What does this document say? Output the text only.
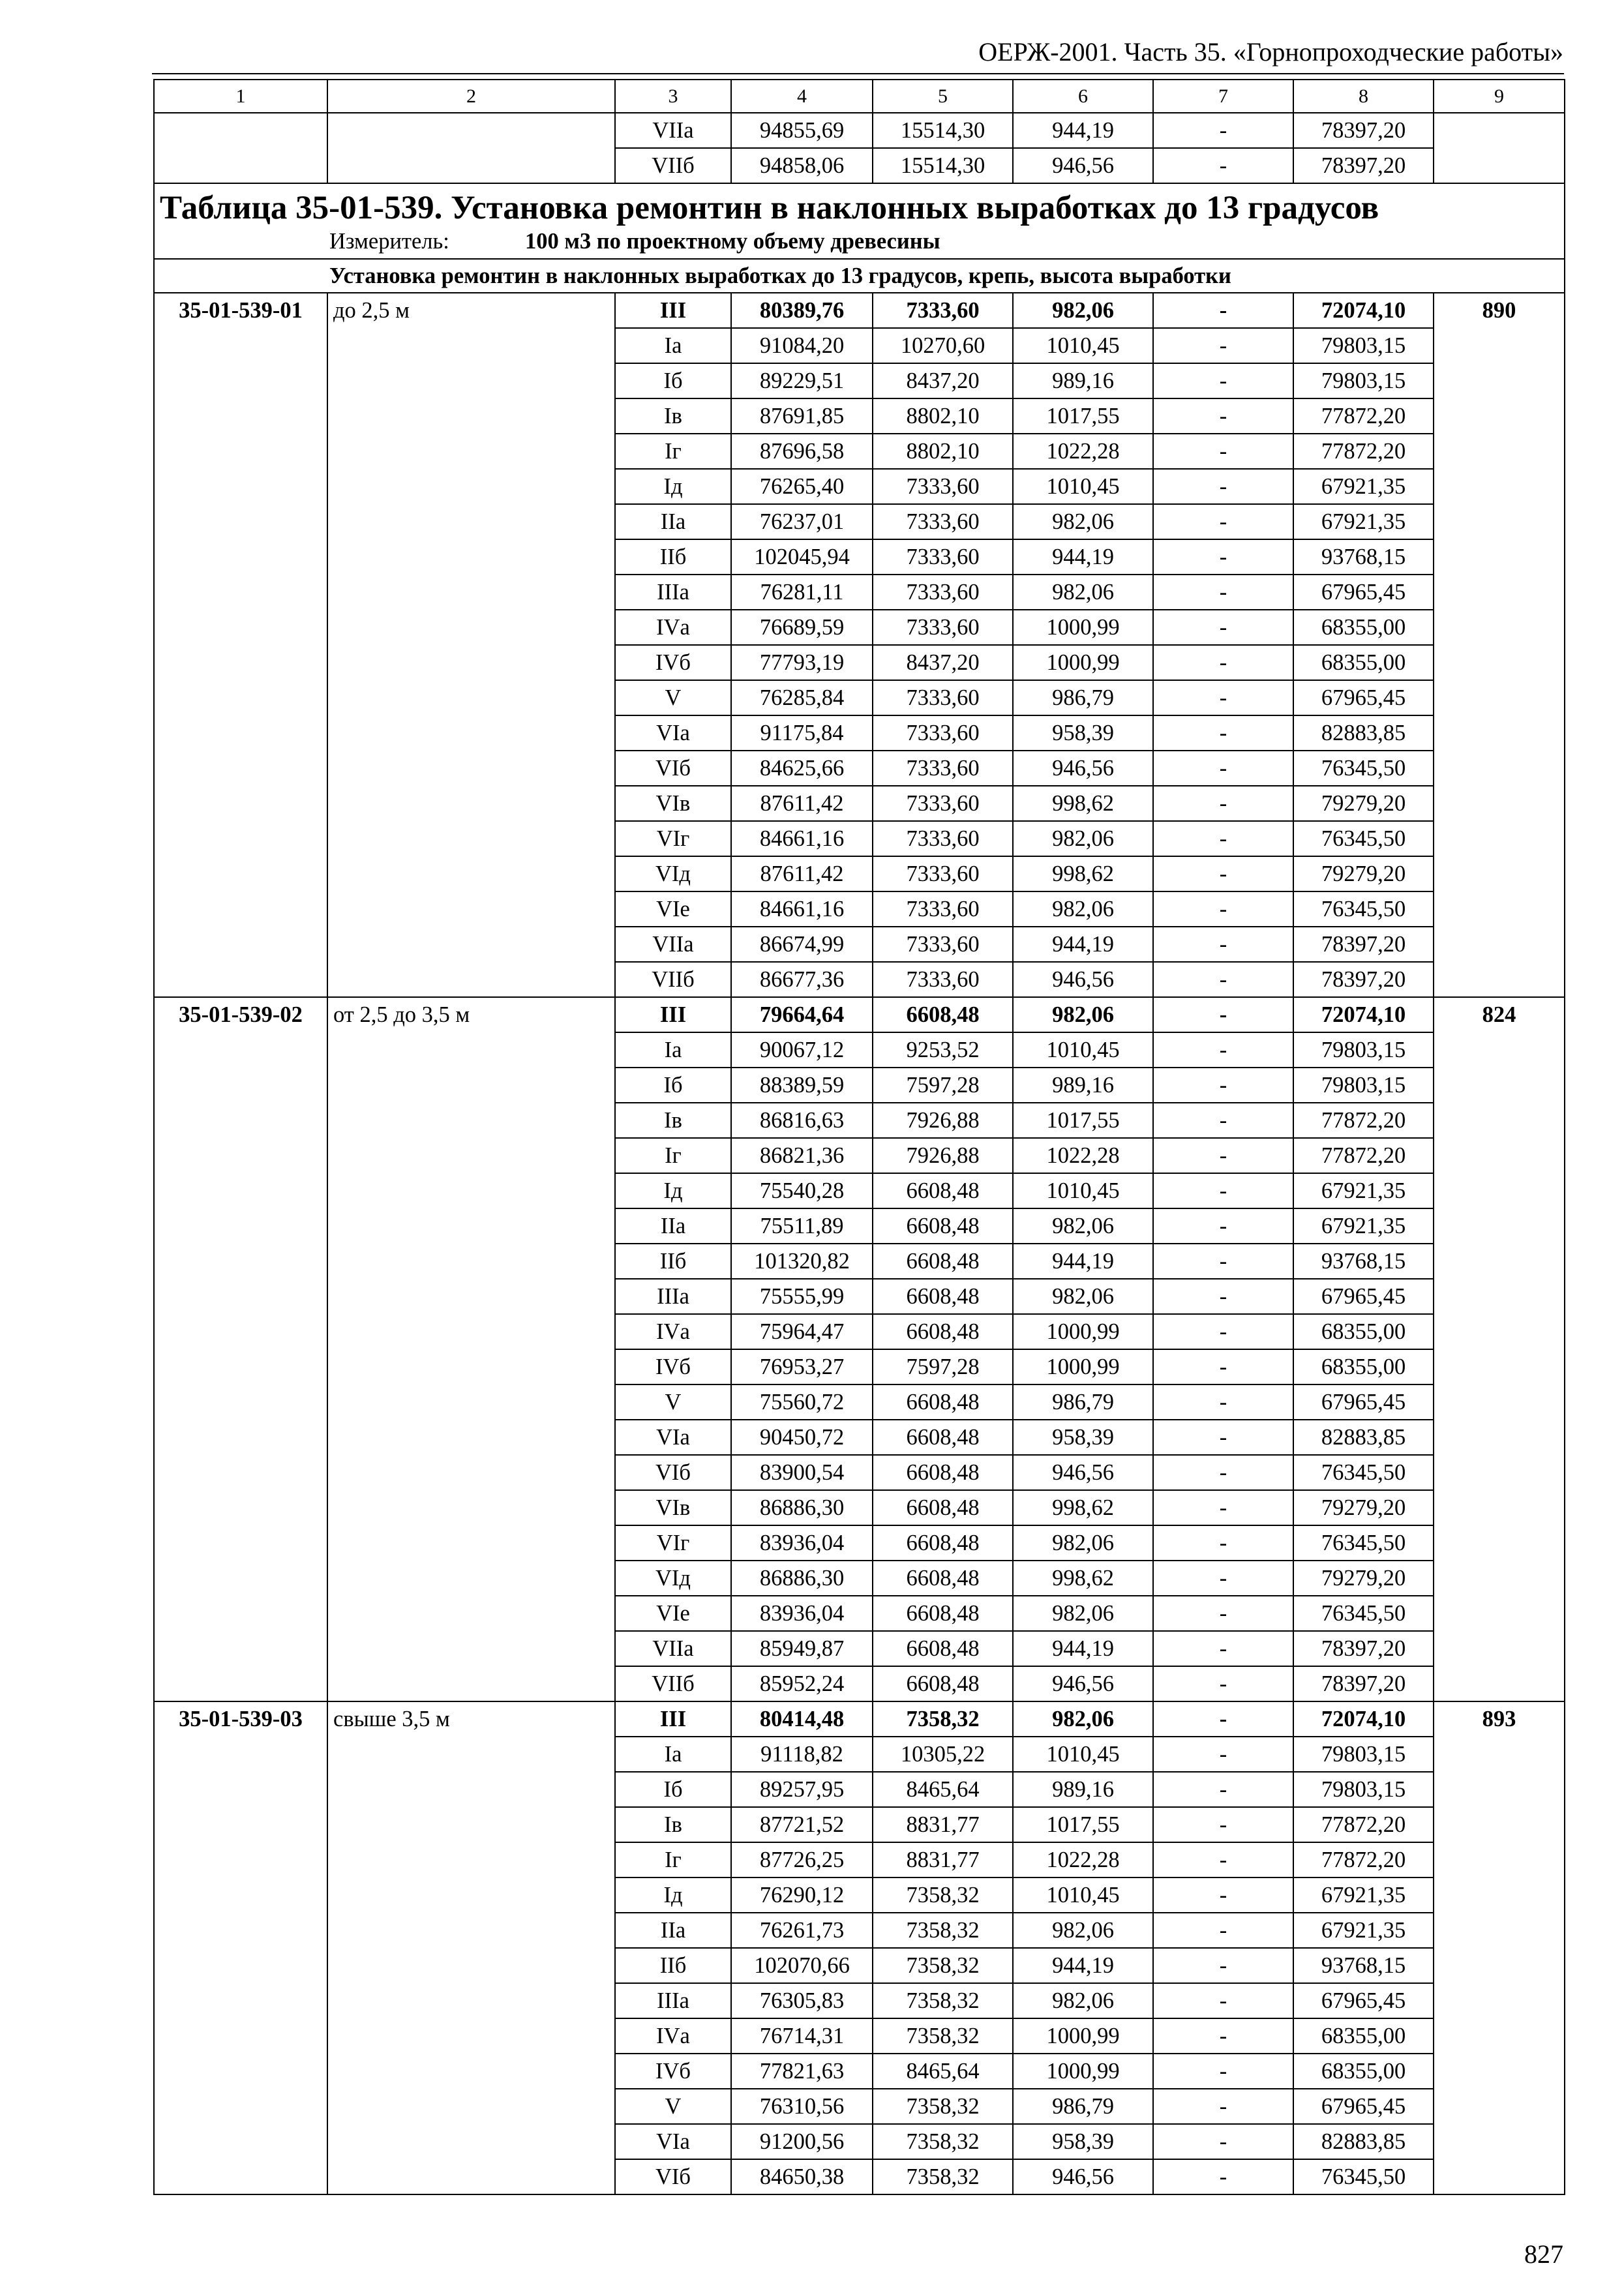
ОЕРЖ-2001. Часть 35. «Горнопроходческие работы»
1	2	3	4	5	6	7	8	9
		VIIа	94855,69	15514,30	944,19	-	78397,20	
		VIIб	94858,06	15514,30	946,56	-	78397,20	

Таблица 35-01-539. Установка ремонтин в наклонных выработках до 13 градусов
Измеритель: 100 м3 по проектному объему древесины								

Установка ремонтин в наклонных выработках до 13 градусов, крепь, высота выработки								
35-01-539-01	до 2,5 м	III	80389,76	7333,60	982,06	-	72074,10	890
		Iа	91084,20	10270,60	1010,45	-	79803,15	
		Iб	89229,51	8437,20	989,16	-	79803,15	
		Iв	87691,85	8802,10	1017,55	-	77872,20	
		Iг	87696,58	8802,10	1022,28	-	77872,20	
		Iд	76265,40	7333,60	1010,45	-	67921,35	
		IIа	76237,01	7333,60	982,06	-	67921,35	
		IIб	102045,94	7333,60	944,19	-	93768,15	
		IIIа	76281,11	7333,60	982,06	-	67965,45	
		IVа	76689,59	7333,60	1000,99	-	68355,00	
		IVб	77793,19	8437,20	1000,99	-	68355,00	
		V	76285,84	7333,60	986,79	-	67965,45	
		VIа	91175,84	7333,60	958,39	-	82883,85	
		VIб	84625,66	7333,60	946,56	-	76345,50	
		VIв	87611,42	7333,60	998,62	-	79279,20	
		VIг	84661,16	7333,60	982,06	-	76345,50	
		VIд	87611,42	7333,60	998,62	-	79279,20	
		VIе	84661,16	7333,60	982,06	-	76345,50	
		VIIа	86674,99	7333,60	944,19	-	78397,20	
		VIIб	86677,36	7333,60	946,56	-	78397,20	
35-01-539-02	от 2,5 до 3,5 м	III	79664,64	6608,48	982,06	-	72074,10	824
		Iа	90067,12	9253,52	1010,45	-	79803,15	
		Iб	88389,59	7597,28	989,16	-	79803,15	
		Iв	86816,63	7926,88	1017,55	-	77872,20	
		Iг	86821,36	7926,88	1022,28	-	77872,20	
		Iд	75540,28	6608,48	1010,45	-	67921,35	
		IIа	75511,89	6608,48	982,06	-	67921,35	
		IIб	101320,82	6608,48	944,19	-	93768,15	
		IIIа	75555,99	6608,48	982,06	-	67965,45	
		IVа	75964,47	6608,48	1000,99	-	68355,00	
		IVб	76953,27	7597,28	1000,99	-	68355,00	
		V	75560,72	6608,48	986,79	-	67965,45	
		VIа	90450,72	6608,48	958,39	-	82883,85	
		VIб	83900,54	6608,48	946,56	-	76345,50	
		VIв	86886,30	6608,48	998,62	-	79279,20	
		VIг	83936,04	6608,48	982,06	-	76345,50	
		VIд	86886,30	6608,48	998,62	-	79279,20	
		VIе	83936,04	6608,48	982,06	-	76345,50	
		VIIа	85949,87	6608,48	944,19	-	78397,20	
		VIIб	85952,24	6608,48	946,56	-	78397,20	
35-01-539-03	свыше 3,5 м	III	80414,48	7358,32	982,06	-	72074,10	893
		Iа	91118,82	10305,22	1010,45	-	79803,15	
		Iб	89257,95	8465,64	989,16	-	79803,15	
		Iв	87721,52	8831,77	1017,55	-	77872,20	
		Iг	87726,25	8831,77	1022,28	-	77872,20	
		Iд	76290,12	7358,32	1010,45	-	67921,35	
		IIа	76261,73	7358,32	982,06	-	67921,35	
		IIб	102070,66	7358,32	944,19	-	93768,15	
		IIIа	76305,83	7358,32	982,06	-	67965,45	
		IVа	76714,31	7358,32	1000,99	-	68355,00	
		IVб	77821,63	8465,64	1000,99	-	68355,00	
		V	76310,56	7358,32	986,79	-	67965,45	
		VIа	91200,56	7358,32	958,39	-	82883,85	
		VIб	84650,38	7358,32	946,56	-	76345,50	
827
